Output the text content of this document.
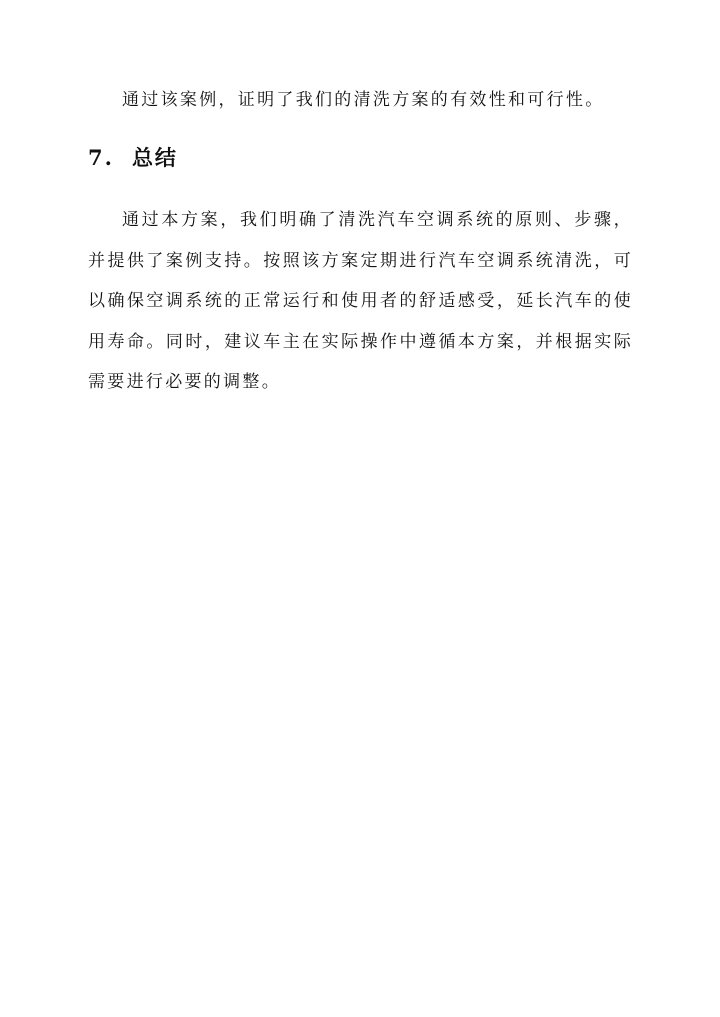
通过该案例，证明了我们的清洗方案的有效性和可行性。

7. 总结

通过本方案，我们明确了清洗汽车空调系统的原则、步骤，并提供了案例支持。按照该方案定期进行汽车空调系统清洗，可以确保空调系统的正常运行和使用者的舒适感受，延长汽车的使用寿命。同时，建议车主在实际操作中遵循本方案，并根据实际需要进行必要的调整。
